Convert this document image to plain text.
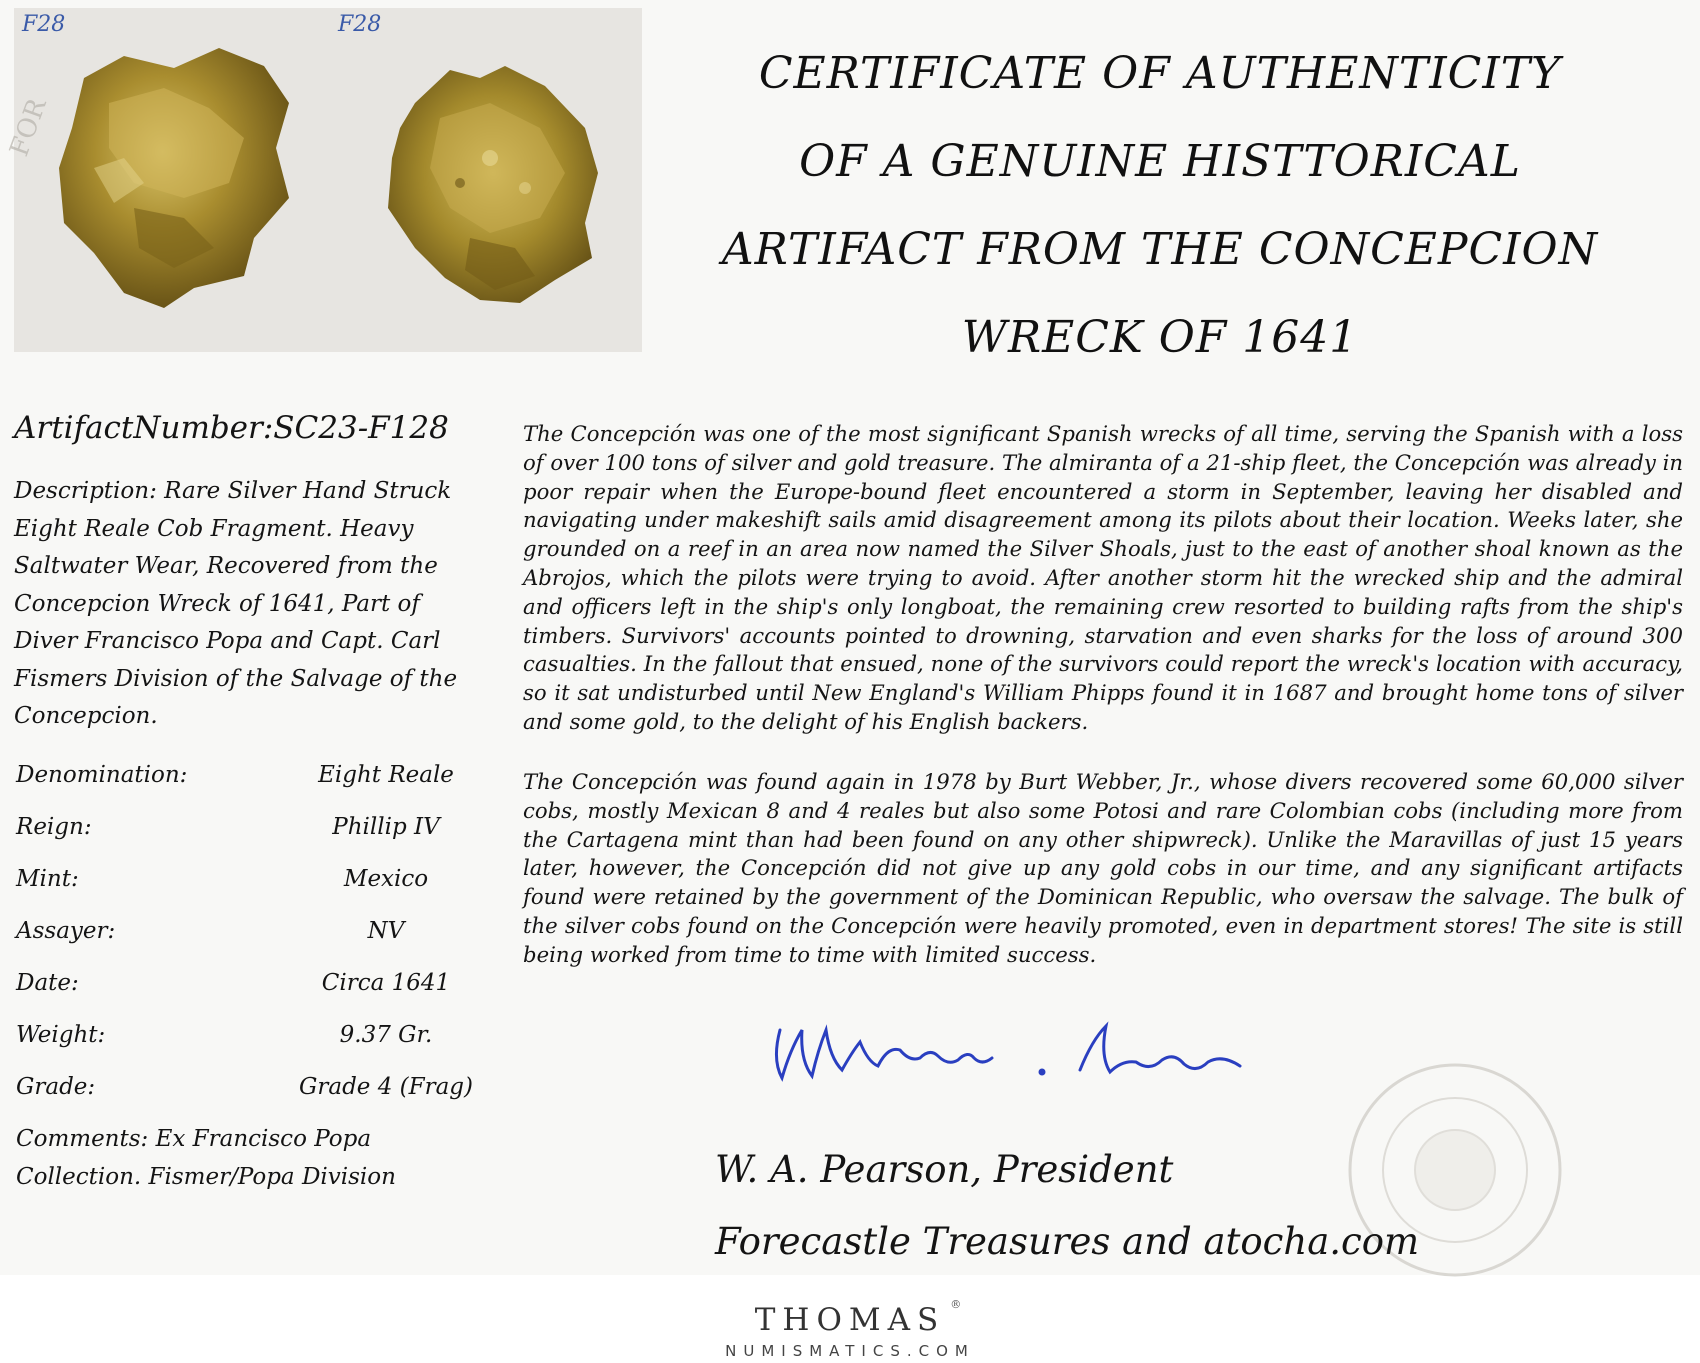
FOR
F28	F28
CERTIFICATE OF AUTHENTICITY
OF A GENUINE HISTTORICAL
ARTIFACT FROM THE CONCEPCION
WRECK OF 1641
ArtifactNumber:SC23-F128
Description: Rare Silver Hand Struck Eight Reale Cob Fragment. Heavy Saltwater Wear, Recovered from the Concepcion Wreck of 1641, Part of Diver Francisco Popa and Capt. Carl Fismers Division of the Salvage of the Concepcion.
Denomination:	Eight Reale
Reign:	Phillip IV
Mint:	Mexico
Assayer:	NV
Date:	Circa 1641
Weight:	9.37 Gr.
Grade:	Grade 4 (Frag)
Comments: Ex Francisco Popa Collection. Fismer/Popa Division
The Concepción was one of the most significant Spanish wrecks of all time, serving the Spanish with a loss of over 100 tons of silver and gold treasure. The almiranta of a 21-ship fleet, the Concepción was already in poor repair when the Europe-bound fleet encountered a storm in September, leaving her disabled and navigating under makeshift sails amid disagreement among its pilots about their location. Weeks later, she grounded on a reef in an area now named the Silver Shoals, just to the east of another shoal known as the Abrojos, which the pilots were trying to avoid. After another storm hit the wrecked ship and the admiral and officers left in the ship's only longboat, the remaining crew resorted to building rafts from the ship's timbers. Survivors' accounts pointed to drowning, starvation and even sharks for the loss of around 300 casualties. In the fallout that ensued, none of the survivors could report the wreck's location with accuracy, so it sat undisturbed until New England's William Phipps found it in 1687 and brought home tons of silver and some gold, to the delight of his English backers.
The Concepción was found again in 1978 by Burt Webber, Jr., whose divers recovered some 60,000 silver cobs, mostly Mexican 8 and 4 reales but also some Potosi and rare Colombian cobs (including more from the Cartagena mint than had been found on any other shipwreck). Unlike the Maravillas of just 15 years later, however, the Concepción did not give up any gold cobs in our time, and any significant artifacts found were retained by the government of the Dominican Republic, who oversaw the salvage. The bulk of the silver cobs found on the Concepción were heavily promoted, even in department stores! The site is still being worked from time to time with limited success.
W. A. Pearson, President
Forecastle Treasures and atocha.com
THOMAS ®
NUMISMATICS.COM
